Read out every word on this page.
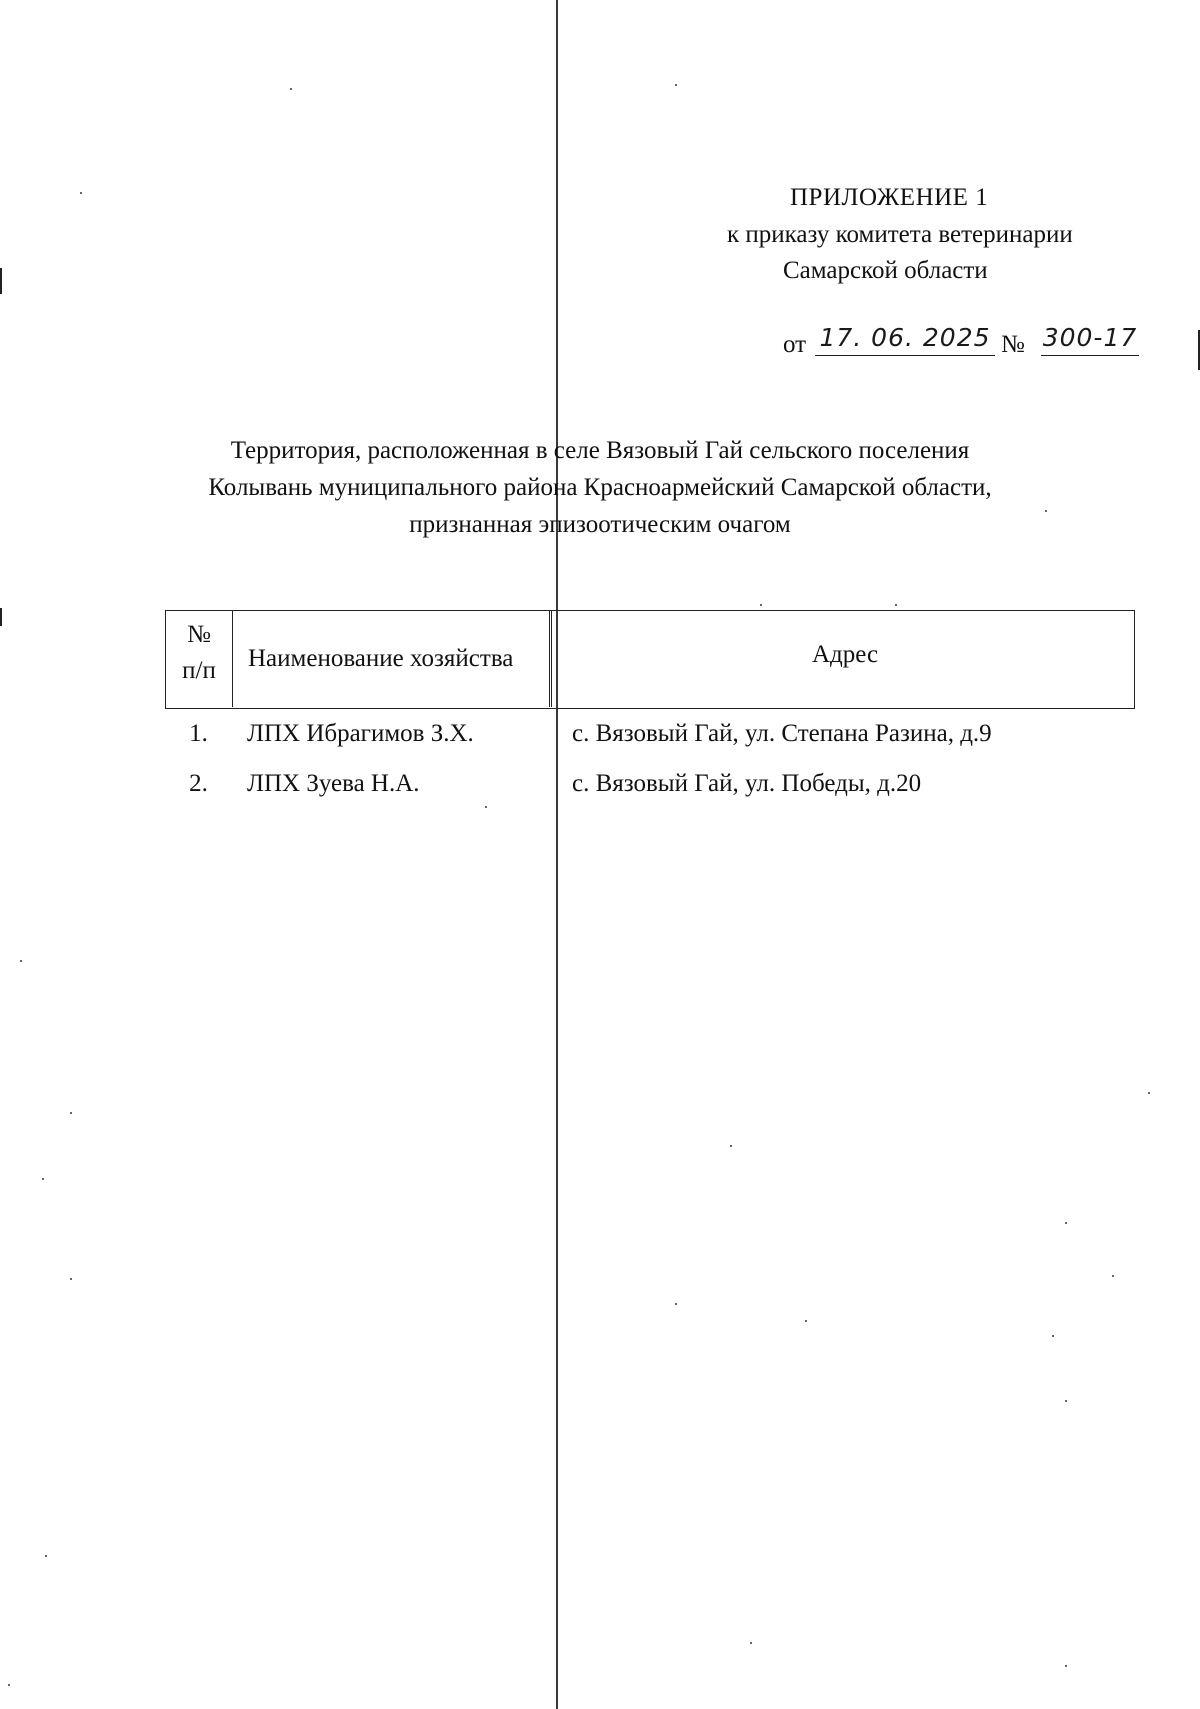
ПРИЛОЖЕНИЕ 1
к приказу комитета ветеринарии
Самарской области
от 17. 06. 2025 № 300-17
Территория, расположенная в селе Вязовый Гай сельского поселения
Колывань муниципального района Красноармейский Самарской области,
признанная эпизоотическим очагом
№
п/п	Наименование хозяйства	Адрес
1.	ЛПХ Ибрагимов З.Х.	с. Вязовый Гай, ул. Степана Разина, д.9
2.	ЛПХ Зуева Н.А.	с. Вязовый Гай, ул. Победы, д.20
